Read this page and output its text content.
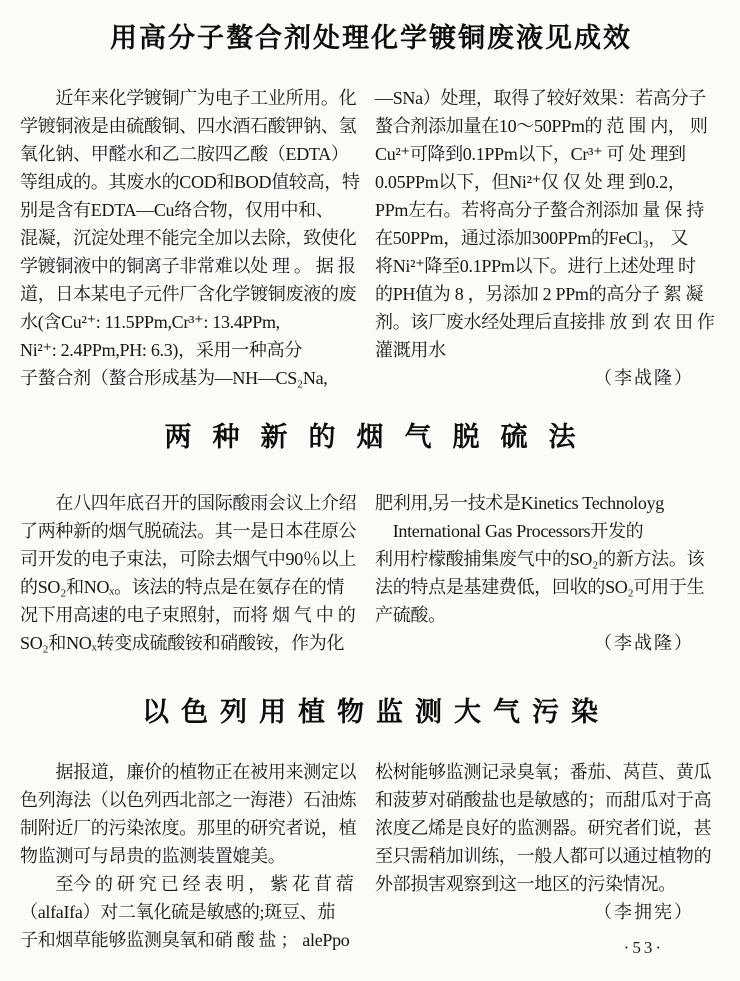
用高分子螯合剂处理化学镀铜废液见成效
　　近年来化学镀铜广为电子工业所用。化
学镀铜液是由硫酸铜、四水酒石酸钾钠、氢
氧化钠、甲醛水和乙二胺四乙酸（EDTA）
等组成的。其废水的COD和BOD值较高，特
别是含有EDTA—Cu络合物，仅用中和、
混凝，沉淀处理不能完全加以去除，致使化
学镀铜液中的铜离子非常难以处 理 。 据 报
道，日本某电子元件厂含化学镀铜废液的废
水(含Cu²⁺: 11.5PPm,Cr³⁺: 13.4PPm,
Ni²⁺: 2.4PPm,PH: 6.3)，采用一种高分
子螯合剂（螯合形成基为—NH—CS₂Na,
—SNa）处理，取得了较好效果：若高分子
螯合剂添加量在10～50PPm的 范 围 内， 则
Cu²⁺可降到0.1PPm以下，Cr³⁺ 可 处 理到
0.05PPm以下，但Ni²⁺仅 仅 处 理 到0.2，
PPm左右。若将高分子螯合剂添加 量 保 持
在50PPm，通过添加300PPm的FeCl₃， 又
将Ni²⁺降至0.1PPm以下。进行上述处理 时
的PH值为 8 ，另添加 2 PPm的高分子 絮 凝
剂。该厂废水经处理后直接排 放 到 农 田 作
灌溉用水
（李战隆）
两种新的烟气脱硫法
　　在八四年底召开的国际酸雨会议上介绍
了两种新的烟气脱硫法。其一是日本荏原公
司开发的电子束法，可除去烟气中90％以上
的SO₂和NOₓ。该法的特点是在氨存在的情
况下用高速的电子束照射，而将 烟 气 中 的
SO₂和NOₓ转变成硫酸铵和硝酸铵，作为化
肥利用,另一技术是Kinetics Technoloyg
　International Gas Processors开发的
利用柠檬酸捕集废气中的SO₂的新方法。该
法的特点是基建费低，回收的SO₂可用于生
产硫酸。
（李战隆）
以色列用植物监测大气污染
　　据报道，廉价的植物正在被用来测定以
色列海法（以色列西北部之一海港）石油炼
制附近厂的污染浓度。那里的研究者说，植
物监测可与昂贵的监测装置媲美。
　　至今 的 研 究 已 经 表 明 ， 紫 花 苜 蓿
（alfaIfa）对二氧化硫是敏感的;斑豆、茄
子和烟草能够监测臭氧和硝 酸 盐 ； alePpo
松树能够监测记录臭氧；番茄、莴苣、黄瓜
和菠萝对硝酸盐也是敏感的；而甜瓜对于高
浓度乙烯是良好的监测器。研究者们说，甚
至只需稍加训练，一般人都可以通过植物的
外部损害观察到这一地区的污染情况。
（李拥宪）
·53·
